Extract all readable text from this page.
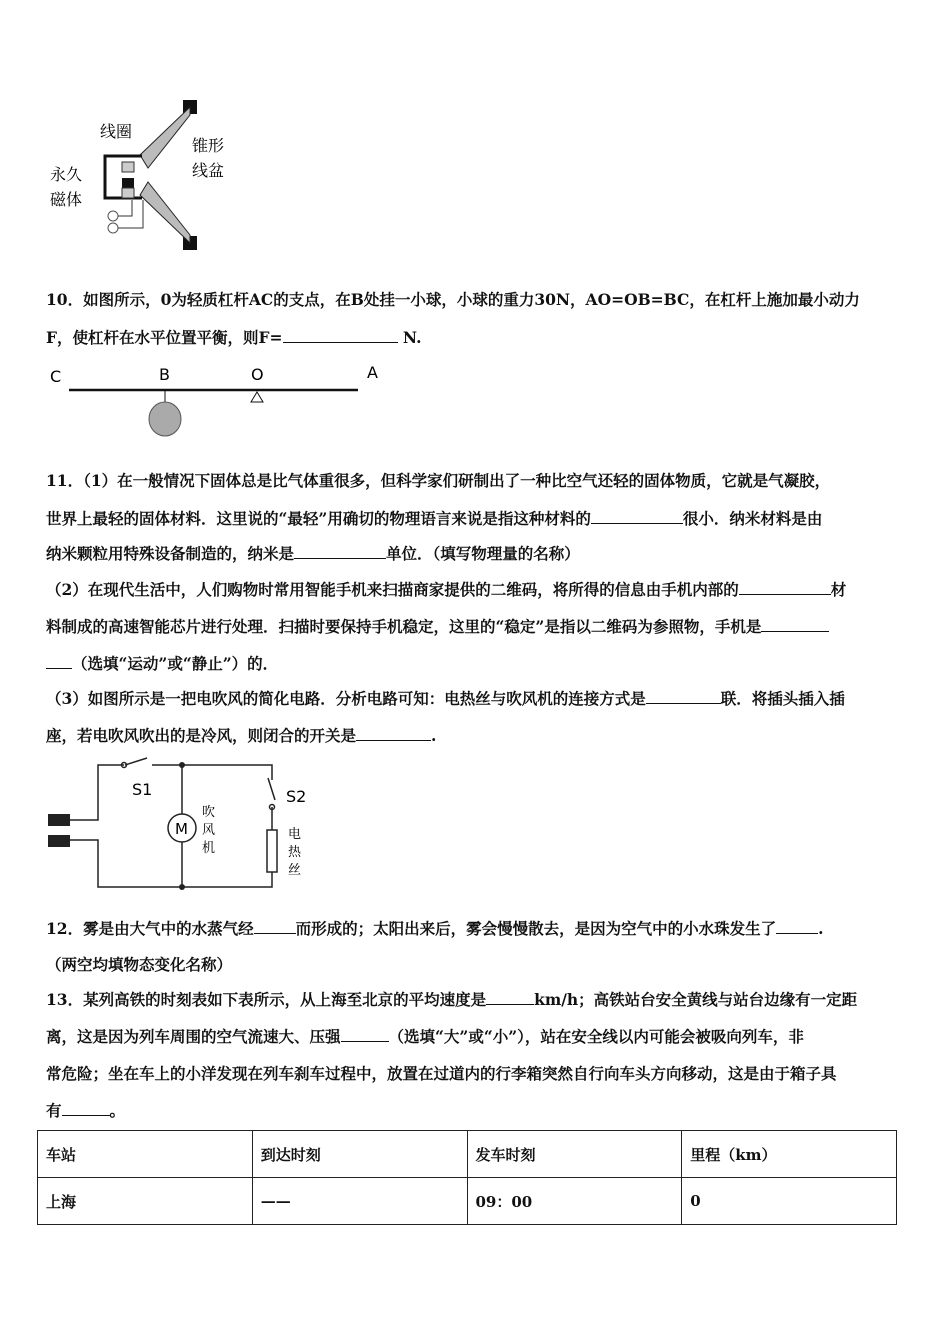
线圈
锥形
线盆
永久
磁体
10．如图所示，0为轻质杠杆AC的支点，在B处挂一小球，小球的重力30N，AO=OB=BC，在杠杆上施加最小动力
F，使杠杆在水平位置平衡，则F=	N.
C	B	O	A
11．（1）在一般情况下固体总是比气体重很多，但科学家们研制出了一种比空气还轻的固体物质，它就是气凝胶，
世界上最轻的固体材料．这里说的“最轻”用确切的物理语言来说是指这种材料的	很小．纳米材料是由
纳米颗粒用特殊设备制造的，纳米是	单位．（填写物理量的名称）
（2）在现代生活中，人们购物时常用智能手机来扫描商家提供的二维码，将所得的信息由手机内部的	材
料制成的高速智能芯片进行处理．扫描时要保持手机稳定，这里的“稳定”是指以二维码为参照物，手机是
（选填“运动”或“静止”）的．
（3）如图所示是一把电吹风的简化电路．分析电路可知：电热丝与吹风机的连接方式是	联．将插头插入插
座，若电吹风吹出的是冷风，则闭合的开关是	.
S1	S2
M
吹
风
机
电
热
丝
12．雾是由大气中的水蒸气经	而形成的；太阳出来后，雾会慢慢散去，是因为空气中的小水珠发生了	.
（两空均填物态变化名称）
13．某列高铁的时刻表如下表所示，从上海至北京的平均速度是	km/h；高铁站台安全黄线与站台边缘有一定距
离，这是因为列车周围的空气流速大、压强	（选填“大”或“小”），站在安全线以内可能会被吸向列车，非
常危险；坐在车上的小洋发现在列车刹车过程中，放置在过道内的行李箱突然自行向车头方向移动，这是由于箱子具
有	。
车站	到达时刻	发车时刻	里程（km）
上海	——	09：00	0
